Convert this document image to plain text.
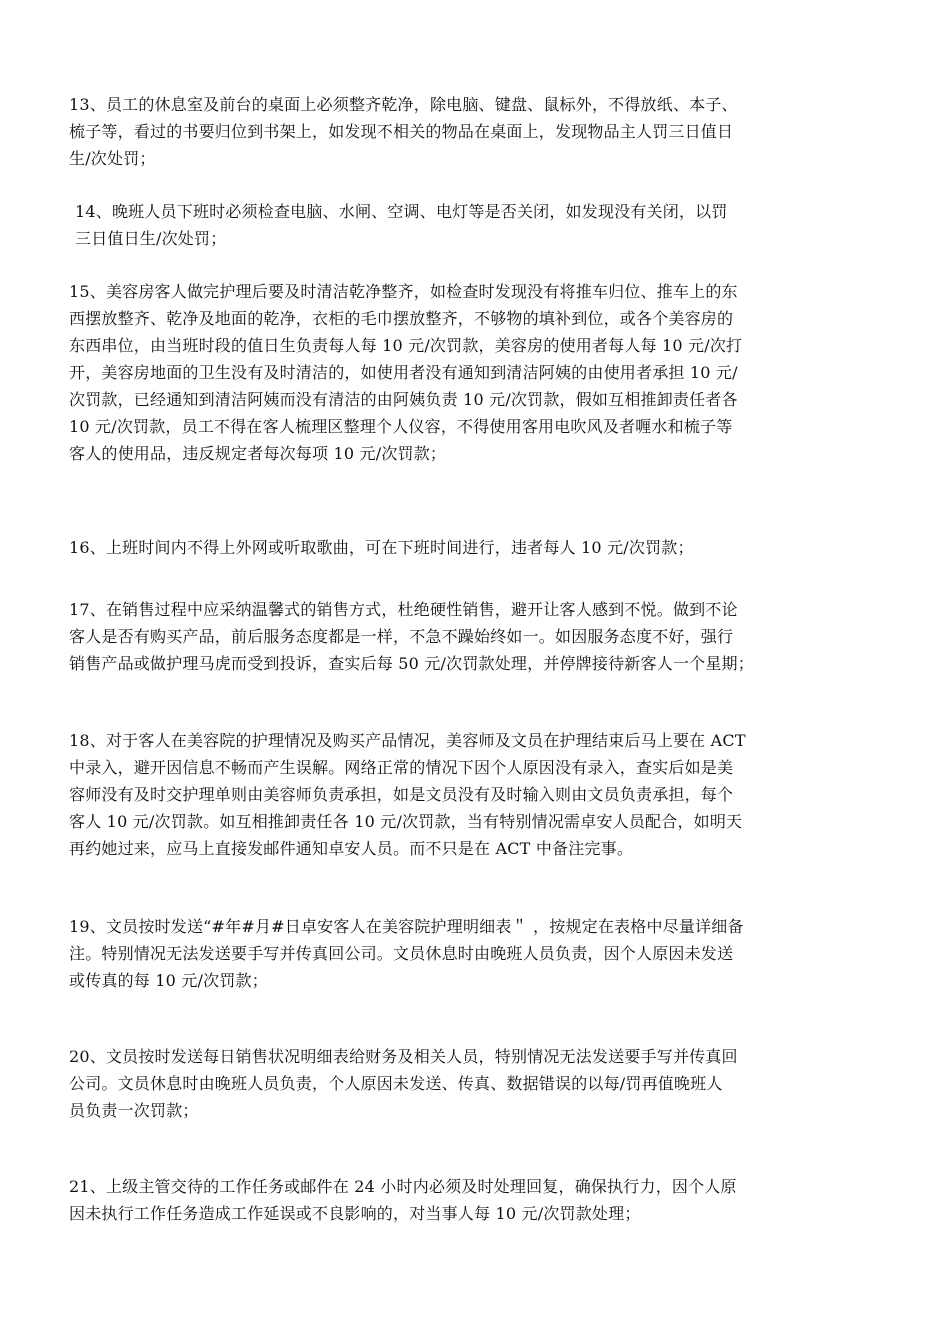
13、员工的休息室及前台的桌面上必须整齐乾净，除电脑、键盘、鼠标外，不得放纸、本子、
梳子等，看过的书要归位到书架上，如发现不相关的物品在桌面上，发现物品主人罚三日值日
生/次处罚；

14、晚班人员下班时必须检查电脑、水闸、空调、电灯等是否关闭，如发现没有关闭，以罚
三日值日生/次处罚；

15、美容房客人做完护理后要及时清洁乾净整齐，如检查时发现没有将推车归位、推车上的东
西摆放整齐、乾净及地面的乾净，衣柜的毛巾摆放整齐，不够物的填补到位，或各个美容房的
东西串位，由当班时段的值日生负责每人每 10 元/次罚款，美容房的使用者每人每 10 元/次打
开，美容房地面的卫生没有及时清洁的，如使用者没有通知到清洁阿姨的由使用者承担 10 元/
次罚款，已经通知到清洁阿姨而没有清洁的由阿姨负责 10 元/次罚款，假如互相推卸责任者各
10 元/次罚款，员工不得在客人梳理区整理个人仪容，不得使用客用电吹风及者喱水和梳子等
客人的使用品，违反规定者每次每项 10 元/次罚款；

16、上班时间内不得上外网或听取歌曲，可在下班时间进行，违者每人 10 元/次罚款；

17、在销售过程中应采纳温馨式的销售方式，杜绝硬性销售，避开让客人感到不悦。做到不论
客人是否有购买产品，前后服务态度都是一样，不急不躁始终如一。如因服务态度不好，强行
销售产品或做护理马虎而受到投诉，查实后每 50 元/次罚款处理，并停牌接待新客人一个星期；

18、对于客人在美容院的护理情况及购买产品情况，美容师及文员在护理结束后马上要在 ACT
中录入，避开因信息不畅而产生误解。网络正常的情况下因个人原因没有录入，查实后如是美
容师没有及时交护理单则由美容师负责承担，如是文员没有及时输入则由文员负责承担，每个
客人 10 元/次罚款。如互相推卸责任各 10 元/次罚款，当有特别情况需卓安人员配合，如明天
再约她过来，应马上直接发邮件通知卓安人员。而不只是在 ACT 中备注完事。

19、文员按时发送“#年#月#日卓安客人在美容院护理明细表＂ ，按规定在表格中尽量详细备
注。特别情况无法发送要手写并传真回公司。文员休息时由晚班人员负责，因个人原因未发送
或传真的每 10 元/次罚款；

20、文员按时发送每日销售状况明细表给财务及相关人员，特别情况无法发送要手写并传真回
公司。文员休息时由晚班人员负责，个人原因未发送、传真、数据错误的以每/罚再值晚班人
员负责一次罚款；

21、上级主管交待的工作任务或邮件在 24 小时内必须及时处理回复，确保执行力，因个人原
因未执行工作任务造成工作延误或不良影响的，对当事人每 10 元/次罚款处理；
